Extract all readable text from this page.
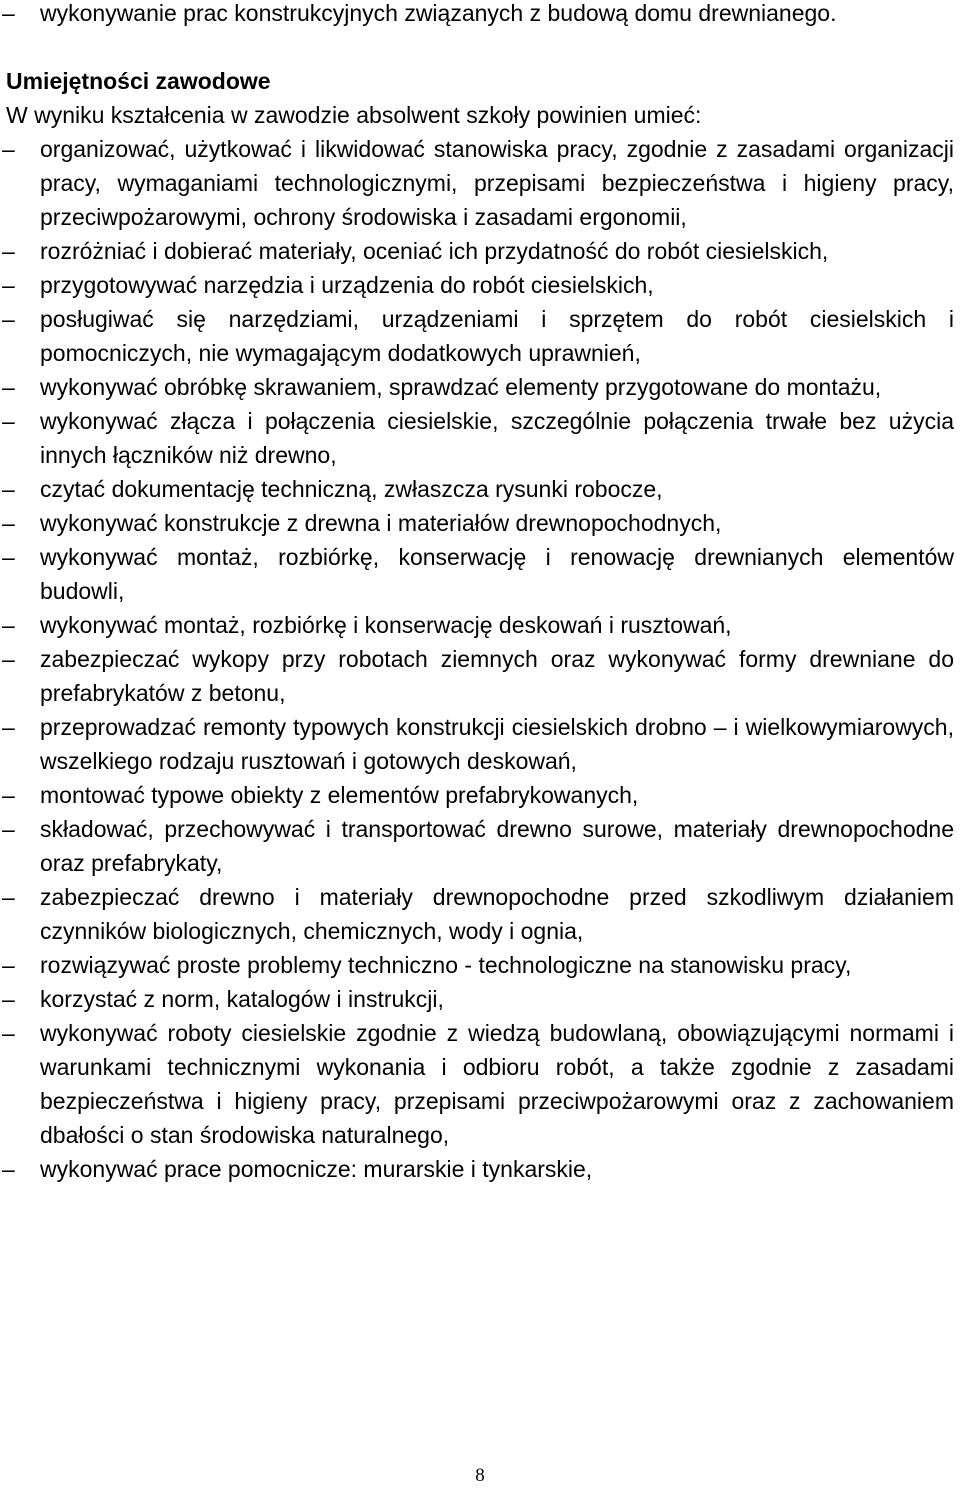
–	wykonywanie prac konstrukcyjnych związanych z budową domu drewnianego.
Umiejętności zawodowe
W wyniku kształcenia w zawodzie absolwent szkoły powinien umieć:
–	organizować, użytkować i likwidować stanowiska pracy, zgodnie z zasadami organizacji pracy, wymaganiami technologicznymi, przepisami bezpieczeństwa i higieny pracy, przeciwpożarowymi, ochrony środowiska i zasadami ergonomii,
–	rozróżniać i dobierać materiały, oceniać ich przydatność do robót ciesielskich,
–	przygotowywać narzędzia i urządzenia do robót ciesielskich,
–	posługiwać się narzędziami, urządzeniami i sprzętem do robót ciesielskich i pomocniczych, nie wymagającym dodatkowych uprawnień,
–	wykonywać obróbkę skrawaniem, sprawdzać elementy przygotowane do montażu,
–	wykonywać złącza i połączenia ciesielskie, szczególnie połączenia trwałe bez użycia innych łączników niż drewno,
–	czytać dokumentację techniczną, zwłaszcza rysunki robocze,
–	wykonywać konstrukcje z drewna i materiałów drewnopochodnych,
–	wykonywać montaż, rozbiórkę, konserwację i renowację drewnianych elementów budowli,
–	wykonywać montaż, rozbiórkę i konserwację deskowań i rusztowań,
–	zabezpieczać wykopy przy robotach ziemnych oraz wykonywać formy drewniane do prefabrykatów z betonu,
–	przeprowadzać remonty typowych konstrukcji ciesielskich drobno – i wielkowymiarowych, wszelkiego rodzaju rusztowań i gotowych deskowań,
–	montować typowe obiekty z elementów prefabrykowanych,
–	składować, przechowywać i transportować drewno surowe, materiały drewnopochodne oraz prefabrykaty,
–	zabezpieczać drewno i materiały drewnopochodne przed szkodliwym działaniem czynników biologicznych, chemicznych, wody i ognia,
–	rozwiązywać proste problemy techniczno - technologiczne na stanowisku pracy,
–	korzystać z norm, katalogów i instrukcji,
–	wykonywać roboty ciesielskie zgodnie z wiedzą budowlaną, obowiązującymi normami i warunkami technicznymi wykonania i odbioru robót, a także zgodnie z zasadami bezpieczeństwa i higieny pracy, przepisami przeciwpożarowymi oraz z zachowaniem dbałości o stan środowiska naturalnego,
–	wykonywać prace pomocnicze: murarskie i tynkarskie,
8
